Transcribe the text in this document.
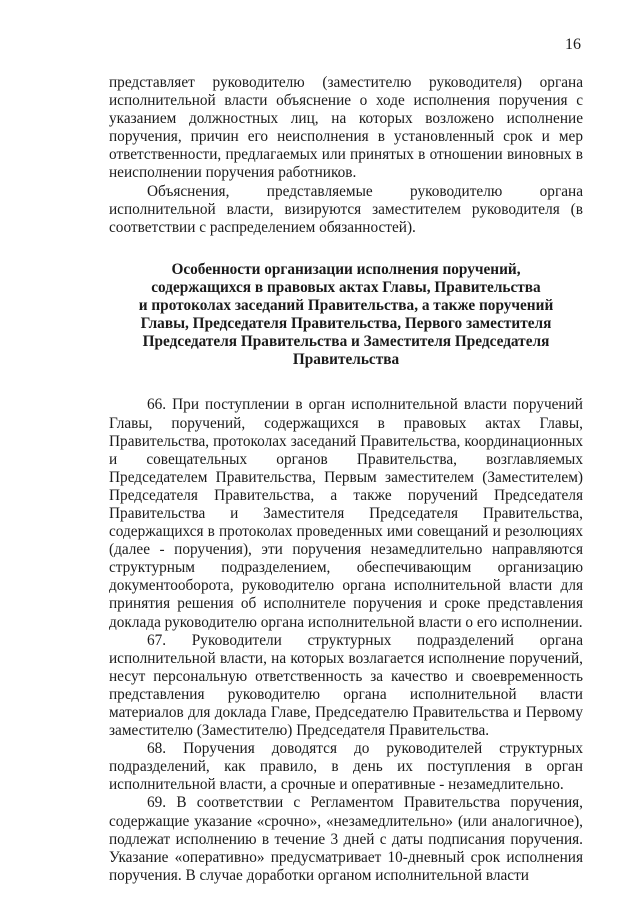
16

представляет руководителю (заместителю руководителя) органа исполнительной власти объяснение о ходе исполнения поручения с указанием должностных лиц, на которых возложено исполнение поручения, причин его неисполнения в установленный срок и мер ответственности, предлагаемых или принятых в отношении виновных в неисполнении поручения работников.

Объяснения, представляемые руководителю органа исполнительной власти, визируются заместителем руководителя (в соответствии с распределением обязанностей).

Особенности организации исполнения поручений,
содержащихся в правовых актах Главы, Правительства
и протоколах заседаний Правительства, а также поручений
Главы, Председателя Правительства, Первого заместителя
Председателя Правительства и Заместителя Председателя
Правительства

66. При поступлении в орган исполнительной власти поручений Главы, поручений, содержащихся в правовых актах Главы, Правительства, протоколах заседаний Правительства, координационных и совещательных органов Правительства, возглавляемых Председателем Правительства, Первым заместителем (Заместителем) Председателя Правительства, а также поручений Председателя Правительства и Заместителя Председателя Правительства, содержащихся в протоколах проведенных ими совещаний и резолюциях (далее - поручения), эти поручения незамедлительно направляются структурным подразделением, обеспечивающим организацию документооборота, руководителю органа исполнительной власти для принятия решения об исполнителе поручения и сроке представления доклада руководителю органа исполнительной власти о его исполнении.

67. Руководители структурных подразделений органа исполнительной власти, на которых возлагается исполнение поручений, несут персональную ответственность за качество и своевременность представления руководителю органа исполнительной власти материалов для доклада Главе, Председателю Правительства и Первому заместителю (Заместителю) Председателя Правительства.

68. Поручения доводятся до руководителей структурных подразделений, как правило, в день их поступления в орган исполнительной власти, а срочные и оперативные - незамедлительно.

69. В соответствии с Регламентом Правительства поручения, содержащие указание «срочно», «незамедлительно» (или аналогичное), подлежат исполнению в течение 3 дней с даты подписания поручения. Указание «оперативно» предусматривает 10-дневный срок исполнения поручения. В случае доработки органом исполнительной власти
